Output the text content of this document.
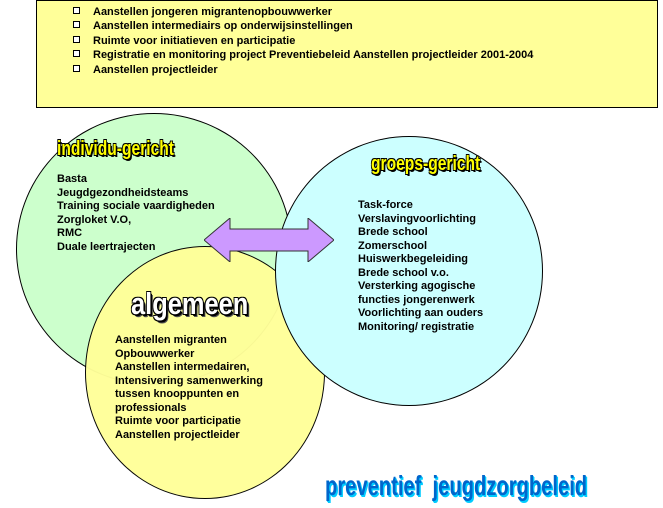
Aanstellen jongeren migrantenopbouwwerker
Aanstellen intermediairs op onderwijsinstellingen
Ruimte voor initiatieven en participatie
Registratie en monitoring project Preventiebeleid Aanstellen projectleider 2001-2004
Aanstellen projectleider
individu-gericht
Basta
Jeugdgezondheidsteams
Training sociale vaardigheden
Zorgloket V.O,
RMC
Duale leertrajecten
groeps-gericht
Task-force
Verslavingvoorlichting
Brede school
Zomerschool
Huiswerkbegeleiding
Brede school v.o.
Versterking agogische
functies jongerenwerk
Voorlichting aan ouders
Monitoring/ registratie
algemeen
Aanstellen migranten
Opbouwwerker
Aanstellen intermedairen,
Intensivering samenwerking
tussen knooppunten en
professionals
Ruimte voor participatie
Aanstellen projectleider
preventief  jeugdzorgbeleid
